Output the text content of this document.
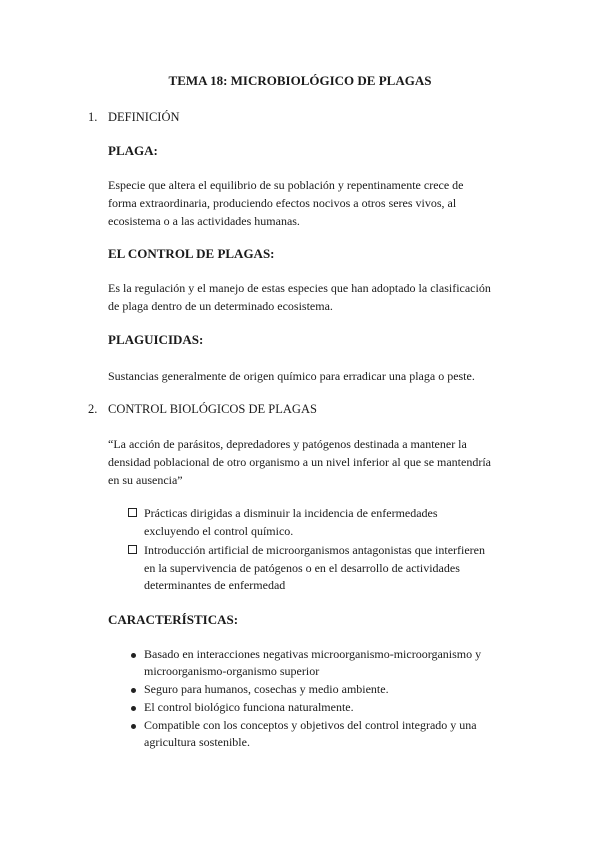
TEMA 18: MICROBIOLÓGICO DE PLAGAS
1. DEFINICIÓN
PLAGA:

Especie que altera el equilibrio de su población y repentinamente crece de

forma extraordinaria, produciendo efectos nocivos a otros seres vivos, al

ecosistema o a las actividades humanas.

EL CONTROL DE PLAGAS:

Es la regulación y el manejo de estas especies que han adoptado la clasificación

de plaga dentro de un determinado ecosistema.

PLAGUICIDAS:

Sustancias generalmente de origen químico para erradicar una plaga o peste.

2. CONTROL BIOLÓGICOS DE PLAGAS

“La acción de parásitos, depredadores y patógenos destinada a mantener la

densidad poblacional de otro organismo a un nivel inferior al que se mantendría

en su ausencia”

Prácticas dirigidas a disminuir la incidencia de enfermedades

excluyendo el control químico.

Introducción artificial de microorganismos antagonistas que interfieren

en la supervivencia de patógenos o en el desarrollo de actividades

determinantes de enfermedad

CARACTERÍSTICAS:

Basado en interacciones negativas microorganismo-microorganismo y

microorganismo-organismo superior

Seguro para humanos, cosechas y medio ambiente.

El control biológico funciona naturalmente.

Compatible con los conceptos y objetivos del control integrado y una

agricultura sostenible.
